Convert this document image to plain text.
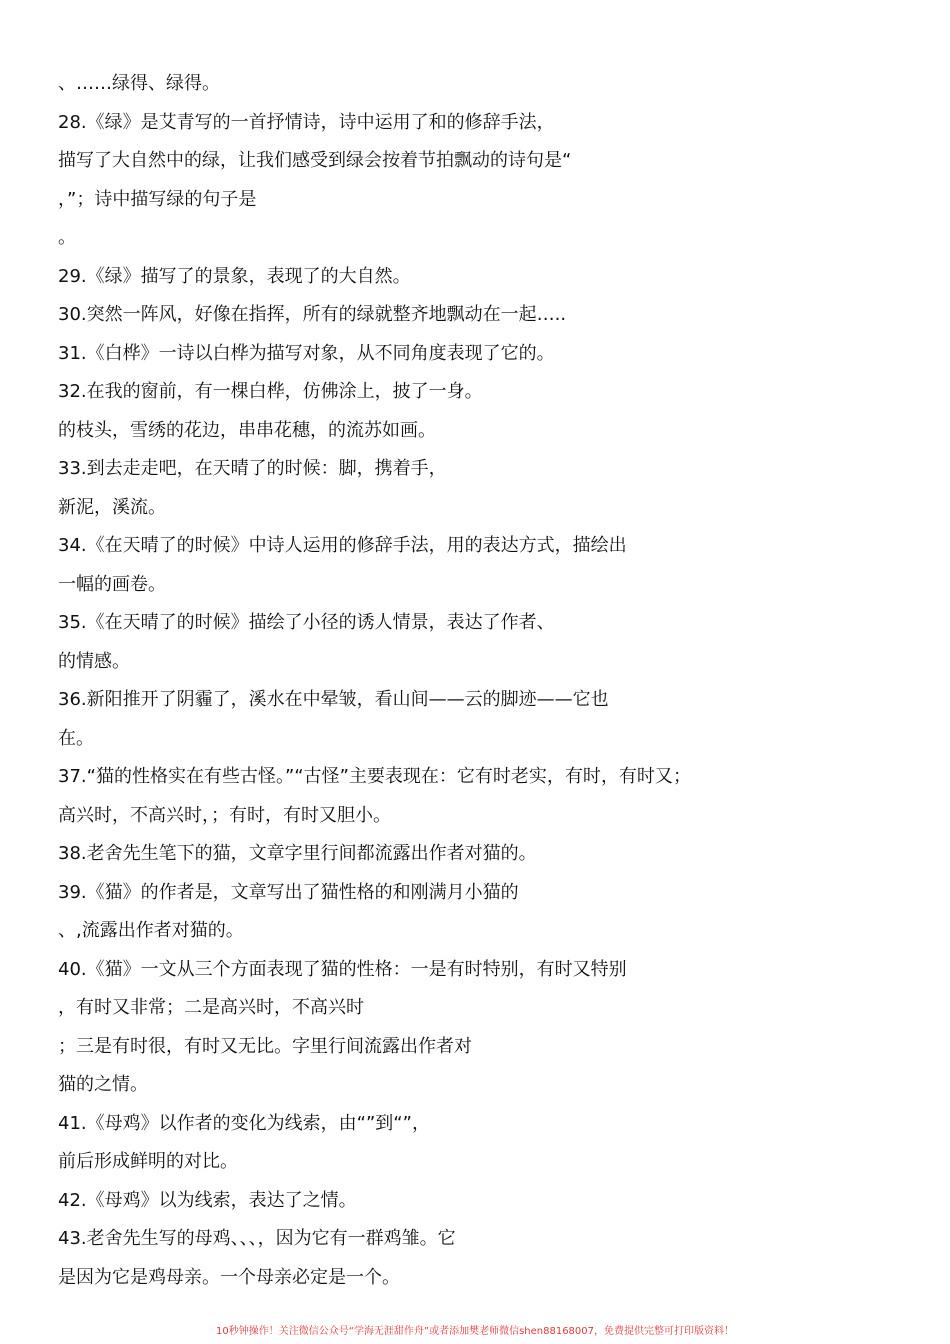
、……绿得、绿得。
28.《绿》是艾青写的一首抒情诗，诗中运用了和的修辞手法，
描写了大自然中的绿，让我们感受到绿会按着节拍飘动的诗句是“
，”；诗中描写绿的句子是
。
29.《绿》描写了的景象，表现了的大自然。
30.突然一阵风，好像在指挥，所有的绿就整齐地飘动在一起…..
31.《白桦》一诗以白桦为描写对象，从不同角度表现了它的。
32.在我的窗前，有一棵白桦，仿佛涂上，披了一身。
的枝头，雪绣的花边，串串花穗，的流苏如画。
33.到去走走吧，在天晴了的时候：脚，携着手，
新泥，溪流。
34.《在天晴了的时候》中诗人运用的修辞手法，用的表达方式，描绘出
一幅的画卷。
35.《在天晴了的时候》描绘了小径的诱人情景，表达了作者、
的情感。
36.新阳推开了阴霾了，溪水在中晕皱，看山间——云的脚迹——它也
在。
37.“猫的性格实在有些古怪。”“古怪”主要表现在：它有时老实，有时，有时又；
高兴时，不高兴时，；有时，有时又胆小。
38.老舍先生笔下的猫，文章字里行间都流露出作者对猫的。
39.《猫》的作者是，文章写出了猫性格的和刚满月小猫的
、,流露出作者对猫的。
40.《猫》一文从三个方面表现了猫的性格：一是有时特别，有时又特别
，有时又非常；二是高兴时，不高兴时
；三是有时很，有时又无比。字里行间流露出作者对
猫的之情。
41.《母鸡》以作者的变化为线索，由“”到“”，
前后形成鲜明的对比。
42.《母鸡》以为线索，表达了之情。
43.老舍先生写的母鸡、、、，因为它有一群鸡雏。它
是因为它是鸡母亲。一个母亲必定是一个。
10秒钟操作！关注微信公众号“学海无涯甜作舟”或者添加樊老师微信shen88168007，免费提供完整可打印版资料！
